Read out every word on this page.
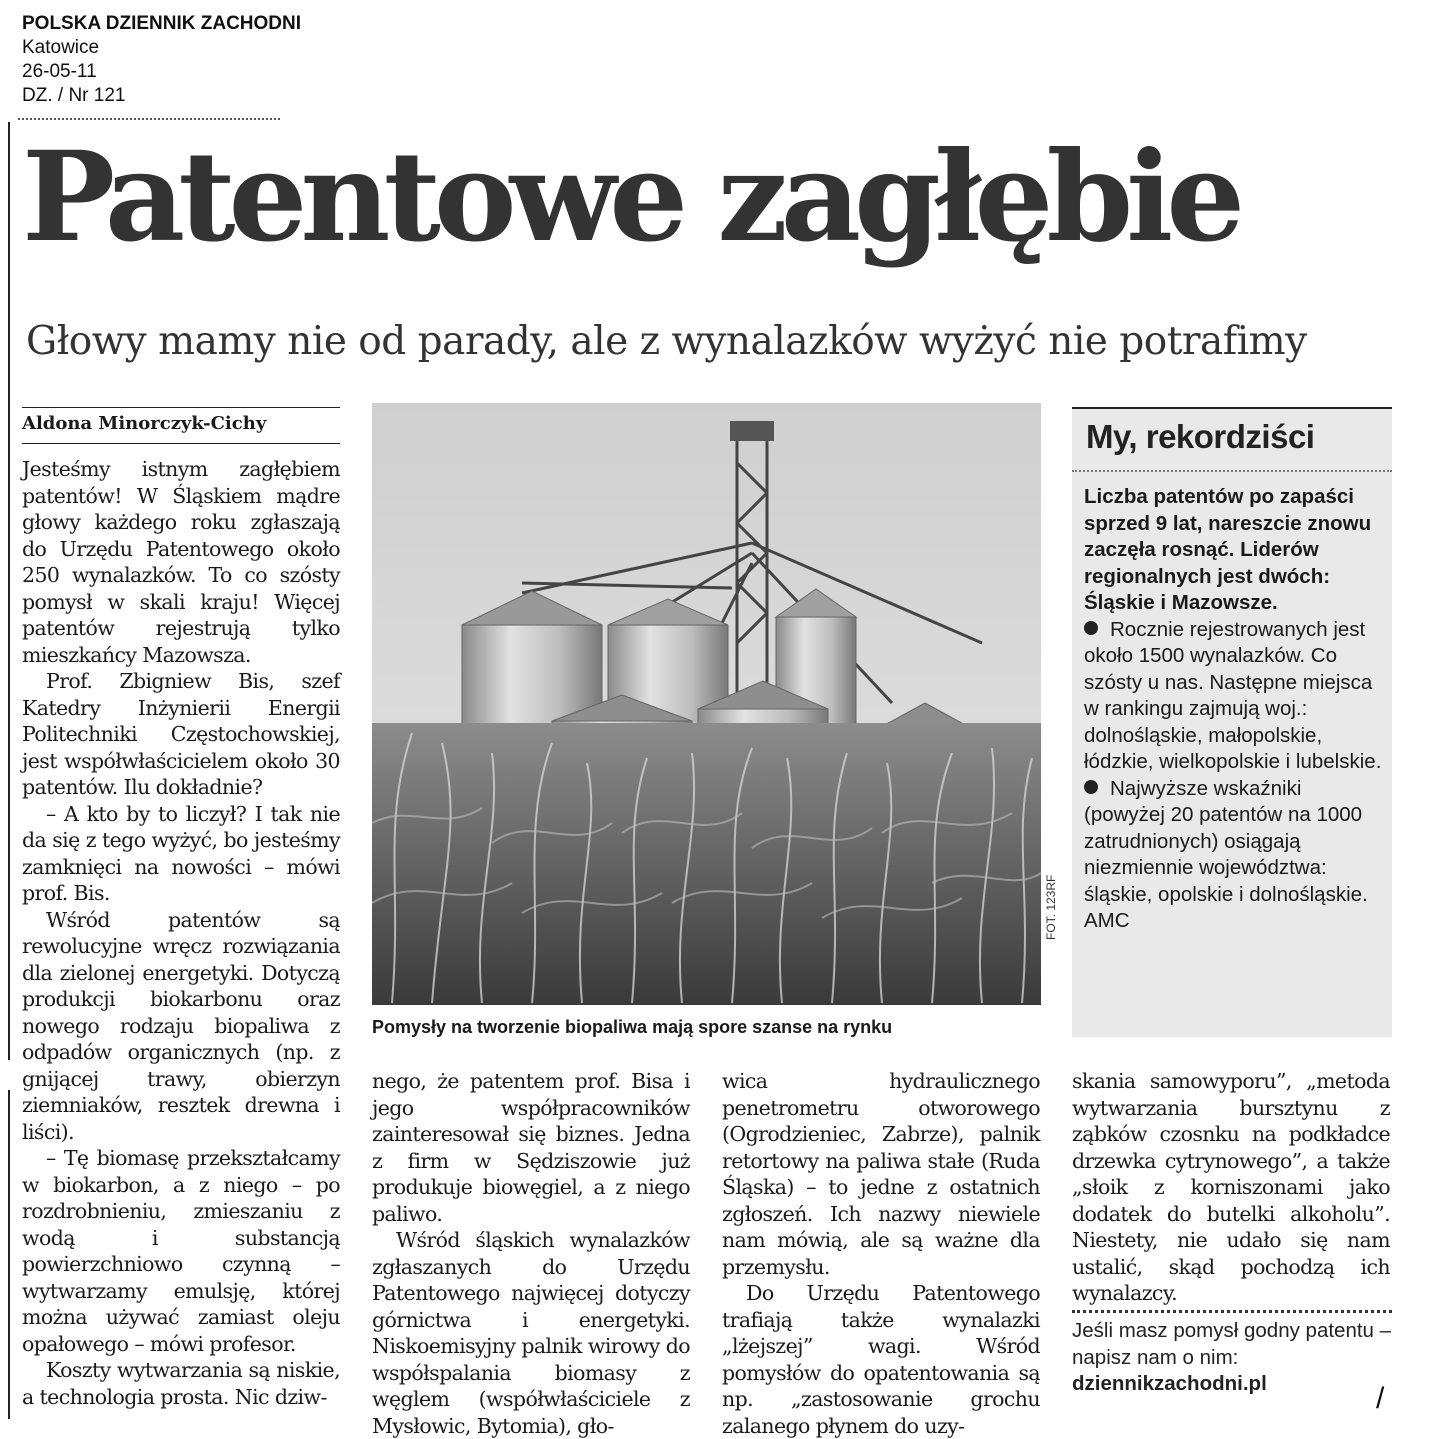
POLSKA DZIENNIK ZACHODNI
Katowice
26-05-11
DZ. / Nr 121
Patentowe zagłębie
Głowy mamy nie od parady, ale z wynalazków wyżyć nie potrafimy
Aldona Minorczyk-Cichy

Jesteśmy istnym zagłębiem patentów! W Śląskiem mądre głowy każdego roku zgłaszają do Urzędu Patentowego około 250 wynalazków. To co szósty pomysł w skali kraju! Więcej patentów rejestrują tylko mieszkańcy Mazowsza.

Prof. Zbigniew Bis, szef Katedry Inżynierii Energii Politechniki Częstochowskiej, jest współwłaścicielem około 30 patentów. Ilu dokładnie?

– A kto by to liczył? I tak nie da się z tego wyżyć, bo jesteśmy zamknięci na nowości – mówi prof. Bis.

Wśród patentów są rewolucyjne wręcz rozwiązania dla zielonej energetyki. Dotyczą produkcji biokarbonu oraz nowego rodzaju biopaliwa z odpadów organicznych (np. z gnijącej trawy, obierzyn ziemniaków, resztek drewna i liści).

– Tę biomasę przekształcamy w biokarbon, a z niego – po rozdrobnieniu, zmieszaniu z wodą i substancją powierzchniowo czynną – wytwarzamy emulsję, której można używać zamiast oleju opałowego – mówi profesor.

Koszty wytwarzania są niskie, a technologia prosta. Nic dziw-

FOT. 123RF
Pomysły na tworzenie biopaliwa mają spore szanse na rynku

nego, że patentem prof. Bisa i jego współpracowników zainteresował się biznes. Jedna z firm w Sędziszowie już produkuje biowęgiel, a z niego paliwo.

Wśród śląskich wynalazków zgłaszanych do Urzędu Patentowego najwięcej dotyczy górnictwa i energetyki. Niskoemisyjny palnik wirowy do współspalania biomasy z węglem (współwłaściciele z Mysłowic, Bytomia), gło-

wica hydraulicznego penetrometru otworowego (Ogrodzieniec, Zabrze), palnik retortowy na paliwa stałe (Ruda Śląska) – to jedne z ostatnich zgłoszeń. Ich nazwy niewiele nam mówią, ale są ważne dla przemysłu.

Do Urzędu Patentowego trafiają także wynalazki „lżejszej” wagi. Wśród pomysłów do opatentowania są np. „zastosowanie grochu zalanego płynem do uzy-

skania samowyporu”, „metoda wytwarzania bursztynu z ząbków czosnku na podkładce drzewka cytrynowego”, a także „słoik z korniszonami jako dodatek do butelki alkoholu”. Niestety, nie udało się nam ustalić, skąd pochodzą ich wynalazcy.

My, rekordziści

Liczba patentów po zapaści sprzed 9 lat, nareszcie znowu zaczęła rosnąć. Liderów regionalnych jest dwóch: Śląskie i Mazowsze.

Rocznie rejestrowanych jest około 1500 wynalazków. Co szósty u nas. Następne miejsca w rankingu zajmują woj.: dolnośląskie, małopolskie, łódzkie, wielkopolskie i lubelskie.

Najwyższe wskaźniki (powyżej 20 patentów na 1000 zatrudnionych) osiągają niezmiennie województwa: śląskie, opolskie i dolnośląskie. AMC

Jeśli masz pomysł godny patentu – napisz nam o nim:

dziennikzachodni.pl	/
